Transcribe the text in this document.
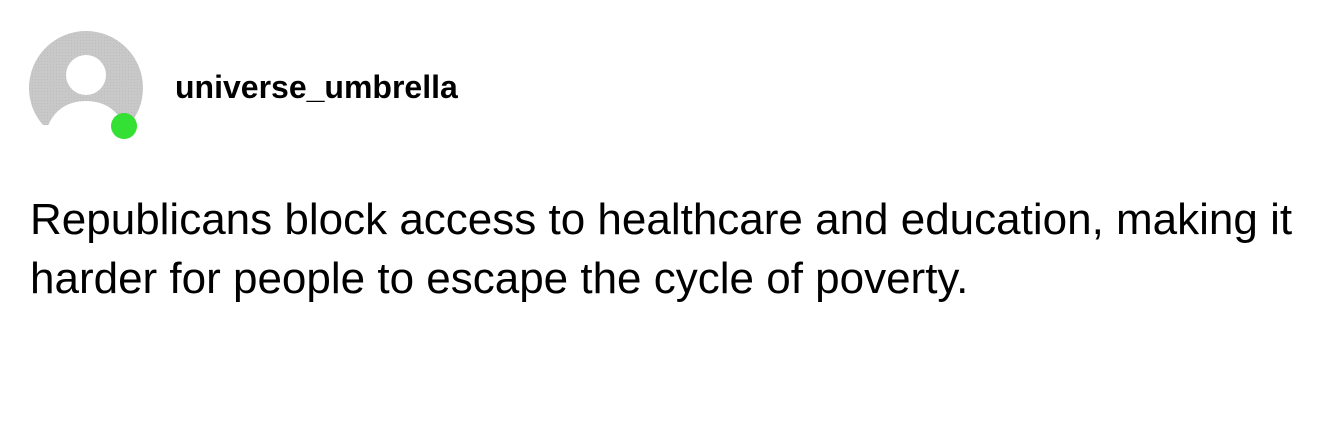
universe_umbrella

Republicans block access to healthcare and education, making it harder for people to escape the cycle of poverty.
